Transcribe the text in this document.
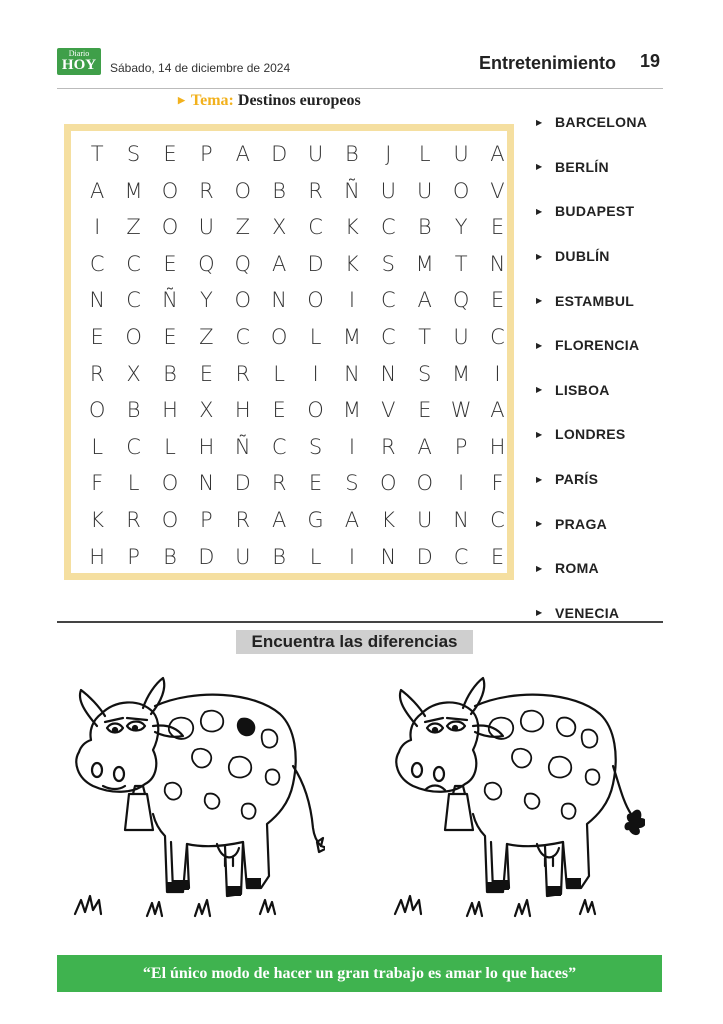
Diario
HOY	Sábado, 14 de diciembre de 2024	Entretenimiento 19
▶ Tema: Destinos europeos
T	S	E	P	A	D U	B	J	L	U	A
A M O R O	B	R	Ñ U	U O V
I	Z O U	Z	X	C	K	C	B	Y	E
C	C	E	Q Q A	D	K	S M T	N
N	C	Ñ	Y	O N O	I	C	A Q	E
E	O	E	Z	C O	L	M C	T	U	C
R	X	B	E	R	L	I	N N	S M	I
O	B	H	X	H	E	O M V	E W A
L	C	L	H Ñ	C	S	I	R	A	P	H
F	L	O N D	R	E	S	O O	I	F
K	R O	P	R	A	G	A	K	U N	C
H	P	B	D U	B	L	I	N D C	E
▶ BARCELONA
▶ BERLÍN
▶ BUDAPEST
▶ DUBLÍN
▶ ESTAMBUL
▶ FLORENCIA
▶ LISBOA
▶ LONDRES
▶ PARÍS
▶ PRAGA
▶ ROMA
▶ VENECIA
Encuentra las diferencias
“El único modo de hacer un gran trabajo es amar lo que haces”
